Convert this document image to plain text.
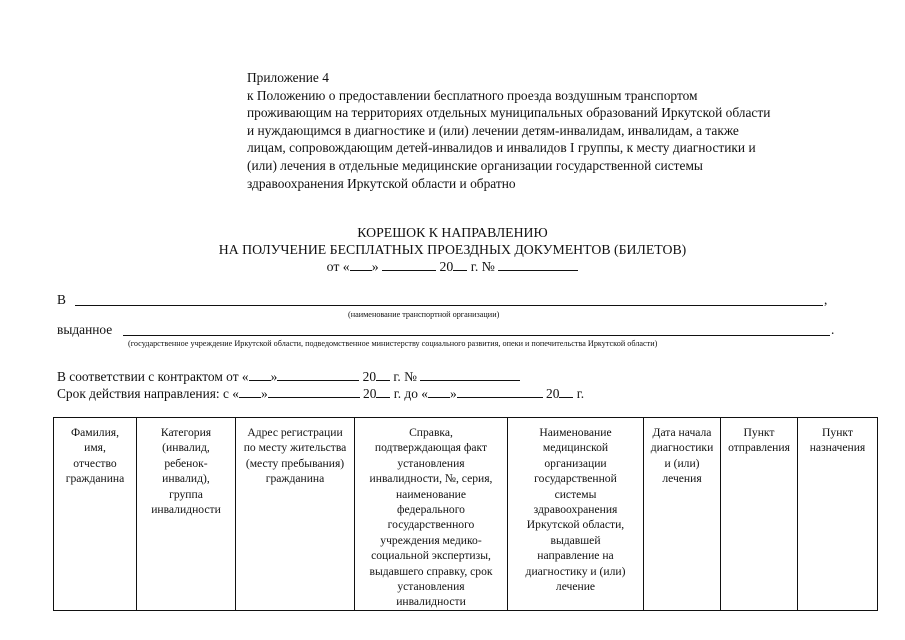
Приложение 4
к Положению о предоставлении бесплатного проезда воздушным транспортом
проживающим на территориях отдельных муниципальных образований Иркутской области
и нуждающимся в диагностике и (или) лечении детям-инвалидам, инвалидам, а также
лицам, сопровождающим детей-инвалидов и инвалидов I группы, к месту диагностики и
(или) лечения в отдельные медицинские организации государственной системы
здравоохранения Иркутской области и обратно
КОРЕШОК К НАПРАВЛЕНИЮ
НА ПОЛУЧЕНИЕ БЕСПЛАТНЫХ ПРОЕЗДНЫХ ДОКУМЕНТОВ (БИЛЕТОВ)
от « »	20 г. №
В	,
(наименование транспортной организации)
выданное	.
(государственное учреждение Иркутской области, подведомственное министерству социального развития, опеки и попечительства Иркутской области)
В соответствии с контрактом от « »	20 г. №
Срок действия направления: с « »	20 г. до « »	20 г.
Фамилия,
имя,
отчество
гражданина

Категория
(инвалид,
ребенок-
инвалид),
группа
инвалидности

Адрес регистрации
по месту жительства
(месту пребывания)
гражданина

Справка,
подтверждающая факт
установления
инвалидности, №, серия,
наименование
федерального
государственного
учреждения медико-
социальной экспертизы,
выдавшего справку, срок
установления
инвалидности

Наименование
медицинской
организации
государственной
системы
здравоохранения
Иркутской области,
выдавшей
направление на
диагностику и (или)
лечение

Дата начала
диагностики
и (или)
лечения

Пункт
отправления

Пункт
назначения
